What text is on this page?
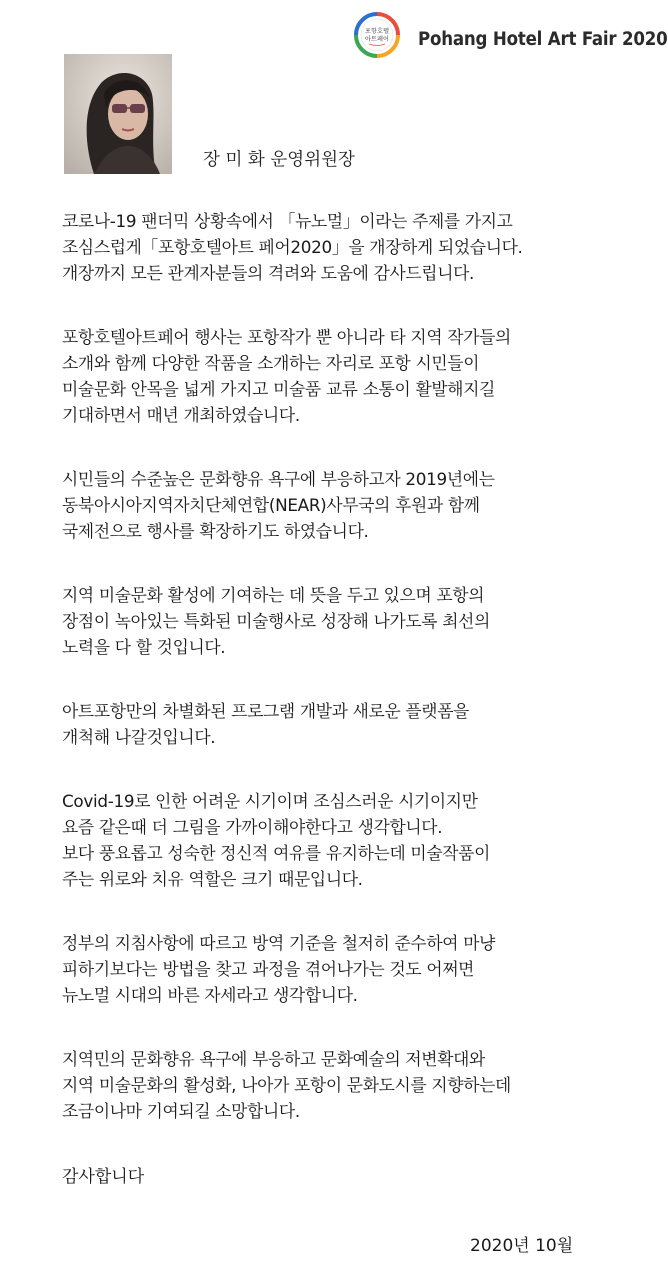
포항호텔
아트페어 Pohang Hotel Art Fair 2020
장 미 화 운영위원장

코로나-19 팬더믹 상황속에서 「뉴노멀」이라는 주제를 가지고
조심스럽게「포항호텔아트 페어2020」을 개장하게 되었습니다.
개장까지 모든 관계자분들의 격려와 도움에 감사드립니다.

포항호텔아트페어 행사는 포항작가 뿐 아니라 타 지역 작가들의
소개와 함께 다양한 작품을 소개하는 자리로 포항 시민들이
미술문화 안목을 넓게 가지고 미술품 교류 소통이 활발해지길
기대하면서 매년 개최하였습니다.

시민들의 수준높은 문화향유 욕구에 부응하고자 2019년에는
동북아시아지역자치단체연합(NEAR)사무국의 후원과 함께
국제전으로 행사를 확장하기도 하였습니다.

지역 미술문화 활성에 기여하는 데 뜻을 두고 있으며 포항의
장점이 녹아있는 특화된 미술행사로 성장해 나가도록 최선의
노력을 다 할 것입니다.

아트포항만의 차별화된 프로그램 개발과 새로운 플랫폼을
개척해 나갈것입니다.

Covid-19로 인한 어려운 시기이며 조심스러운 시기이지만
요즘 같은때 더 그림을 가까이해야한다고 생각합니다.
보다 풍요롭고 성숙한 정신적 여유를 유지하는데 미술작품이
주는 위로와 치유 역할은 크기 때문입니다.

정부의 지침사항에 따르고 방역 기준을 철저히 준수하여 마냥
피하기보다는 방법을 찾고 과정을 겪어나가는 것도 어쩌면
뉴노멀 시대의 바른 자세라고 생각합니다.

지역민의 문화향유 욕구에 부응하고 문화예술의 저변확대와
지역 미술문화의 활성화, 나아가 포항이 문화도시를 지향하는데
조금이나마 기여되길 소망합니다.

감사합니다
2020년 10월
